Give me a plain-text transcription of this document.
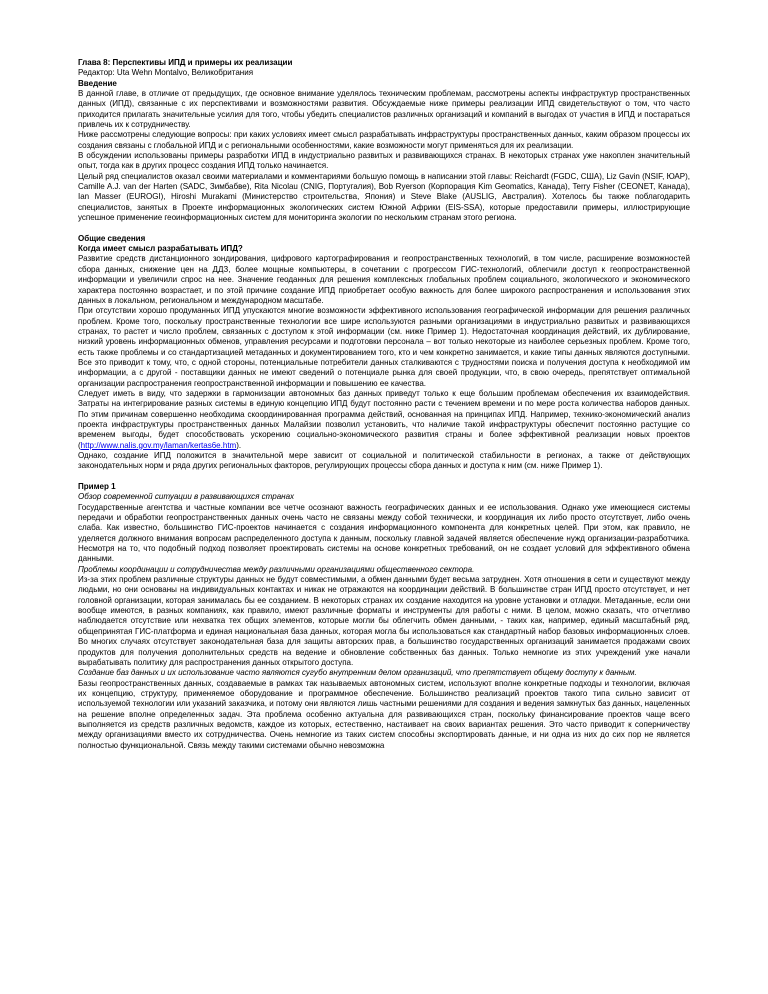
Глава 8: Перспективы ИПД и примеры их реализации

Редактор: Uta Wehn Montalvo, Великобритания

Введение

В данной главе, в отличие от предыдущих, где основное внимание уделялось техническим проблемам, рассмотрены аспекты инфраструктур пространственных данных (ИПД), связанные с их перспективами и возможностями развития. Обсуждаемые ниже примеры реализации ИПД свидетельствуют о том, что часто приходится прилагать значительные усилия для того, чтобы убедить специалистов различных организаций и компаний в выгодах от участия в ИПД и постараться привлечь их к сотрудничеству.

Ниже рассмотрены следующие вопросы: при каких условиях имеет смысл разрабатывать инфраструктуры пространственных данных, каким образом процессы их создания связаны с глобальной ИПД и с региональными особенностями, какие возможности могут применяться для их реализации.

В обсуждении использованы примеры разработки ИПД в индустриально развитых и развивающихся странах. В некоторых странах уже накоплен значительный опыт, тогда как в других процесс создания ИПД только начинается.

Целый ряд специалистов оказал своими материалами и комментариями большую помощь в написании этой главы: Reichardt (FGDC, США), Liz Gavin (NSIF, ЮАР), Camille A.J. van der Harten (SADC, Зимбабве), Rita Nicolau (CNIG, Португалия), Bob Ryerson (Корпорация Kim Geomatics, Канада), Terry Fisher (CEONET, Канада), Ian Masser (EUROGI), Hiroshi Murakami (Министерство строительства, Япония) и Steve Blake (AUSLIG, Австралия). Хотелось бы также поблагодарить специалистов, занятых в Проекте информационных экологических систем Южной Африки (EIS-SSA), которые предоставили примеры, иллюстрирующие успешное применение геоинформационных систем для мониторинга экологии по нескольким странам этого региона.

Общие сведения

Когда имеет смысл разрабатывать ИПД?

Развитие средств дистанционного зондирования, цифрового картографирования и геопространственных технологий, в том числе, расширение возможностей сбора данных, снижение цен на ДДЗ, более мощные компьютеры, в сочетании с прогрессом ГИС-технологий, облегчили доступ к геопространственной информации и увеличили спрос на нее. Значение геоданных для решения комплексных глобальных проблем социального, экологического и экономического характера постоянно возрастает, и по этой причине создание ИПД приобретает особую важность для более широкого распространения и использования этих данных в локальном, региональном и международном масштабе.

При отсутствии хорошо продуманных ИПД упускаются многие возможности эффективного использования географической информации для решения различных проблем. Кроме того, поскольку пространственные технологии все шире используются разными организациями в индустриально развитых и развивающихся странах, то растет и число проблем, связанных с доступом к этой информации (см. ниже Пример 1). Недостаточная координация действий, их дублирование, низкий уровень информационных обменов, управления ресурсами и подготовки персонала – вот только некоторые из наиболее серьезных проблем. Кроме того, есть также проблемы и со стандартизацией метаданных и документированием того, кто и чем конкретно занимается, и какие типы данных являются доступными. Все это приводит к тому, что, с одной стороны, потенциальные потребители данных сталкиваются с трудностями поиска и получения доступа к необходимой им информации, а с другой - поставщики данных не имеют сведений о потенциале рынка для своей продукции, что, в свою очередь, препятствует оптимальной организации распространения геопространственной информации и повышению ее качества.

Следует иметь в виду, что задержки в гармонизации автономных баз данных приведут только к еще большим проблемам обеспечения их взаимодействия. Затраты на интегрирование разных системы в единую концепцию ИПД будут постоянно расти с течением времени и по мере роста количества наборов данных. По этим причинам совершенно необходима скоординированная программа действий, основанная на принципах ИПД. Например, технико-экономический анализ проекта инфраструктуры пространственных данных Малайзии позволил установить, что наличие такой инфраструктуры обеспечит постоянно растущие со временем выгоды, будет способствовать ускорению социально-экономического развития страны и более эффективной реализации новых проектов (http://www.nalis.gov.my/laman/kertas6e.htm).

Однако, создание ИПД положится в значительной мере зависит от социальной и политической стабильности в регионах, а также от действующих законодательных норм и ряда других региональных факторов, регулирующих процессы сбора данных и доступа к ним (см. ниже Пример 1).

Пример 1

Обзор современной ситуации в развивающихся странах

Государственные агентства и частные компании все четче осознают важность географических данных и ее использования. Однако уже имеющиеся системы передачи и обработки геопространственных данных очень часто не связаны между собой технически, и координация их либо просто отсутствует, либо очень слаба. Как известно, большинство ГИС-проектов начинается с создания информационного компонента для конкретных целей. При этом, как правило, не уделяется должного внимания вопросам распределенного доступа к данным, поскольку главной задачей является обеспечение нужд организации-разработчика. Несмотря на то, что подобный подход позволяет проектировать системы на основе конкретных требований, он не создает условий для эффективного обмена данными.

Проблемы координации и сотрудничества между различными организациями общественного сектора.

Из-за этих проблем различные структуры данных не будут совместимыми, а обмен данными будет весьма затруднен. Хотя отношения в сети и существуют между людьми, но они основаны на индивидуальных контактах и никак не отражаются на координации действий. В большинстве стран ИПД просто отсутствует, и нет головной организации, которая занималась бы ее созданием. В некоторых странах их создание находится на уровне установки и отладки. Метаданные, если они вообще имеются, в разных компаниях, как правило, имеют различные форматы и инструменты для работы с ними. В целом, можно сказать, что отчетливо наблюдается отсутствие или нехватка тех общих элементов, которые могли бы облегчить обмен данными, - таких как, например, единый масштабный ряд, общепринятая ГИС-платформа и единая национальная база данных, которая могла бы использоваться как стандартный набор базовых информационных слоев. Во многих случаях отсутствует законодательная база для защиты авторских прав, а большинство государственных организаций занимается продажами своих продуктов для получения дополнительных средств на ведение и обновление собственных баз данных. Только немногие из этих учреждений уже начали вырабатывать политику для распространения данных открытого доступа.

Создание баз данных и их использование часто являются сугубо внутренним делом организаций, что препятствует общему доступу к данным.

Базы геопространственных данных, создаваемые в рамках так называемых автономных систем, используют вполне конкретные подходы и технологии, включая их концепцию, структуру, применяемое оборудование и программное обеспечение. Большинство реализаций проектов такого типа сильно зависит от используемой технологии или указаний заказчика, и потому они являются лишь частными решениями для создания и ведения замкнутых баз данных, нацеленных на решение вполне определенных задач. Эта проблема особенно актуальна для развивающихся стран, поскольку финансирование проектов чаще всего выполняется из средств различных ведомств, каждое из которых, естественно, настаивает на своих вариантах решения. Это часто приводит к соперничеству между организациями вместо их сотрудничества. Очень немногие из таких систем способны экспортировать данные, и ни одна из них до сих пор не является полностью функциональной. Связь между такими системами обычно невозможна
